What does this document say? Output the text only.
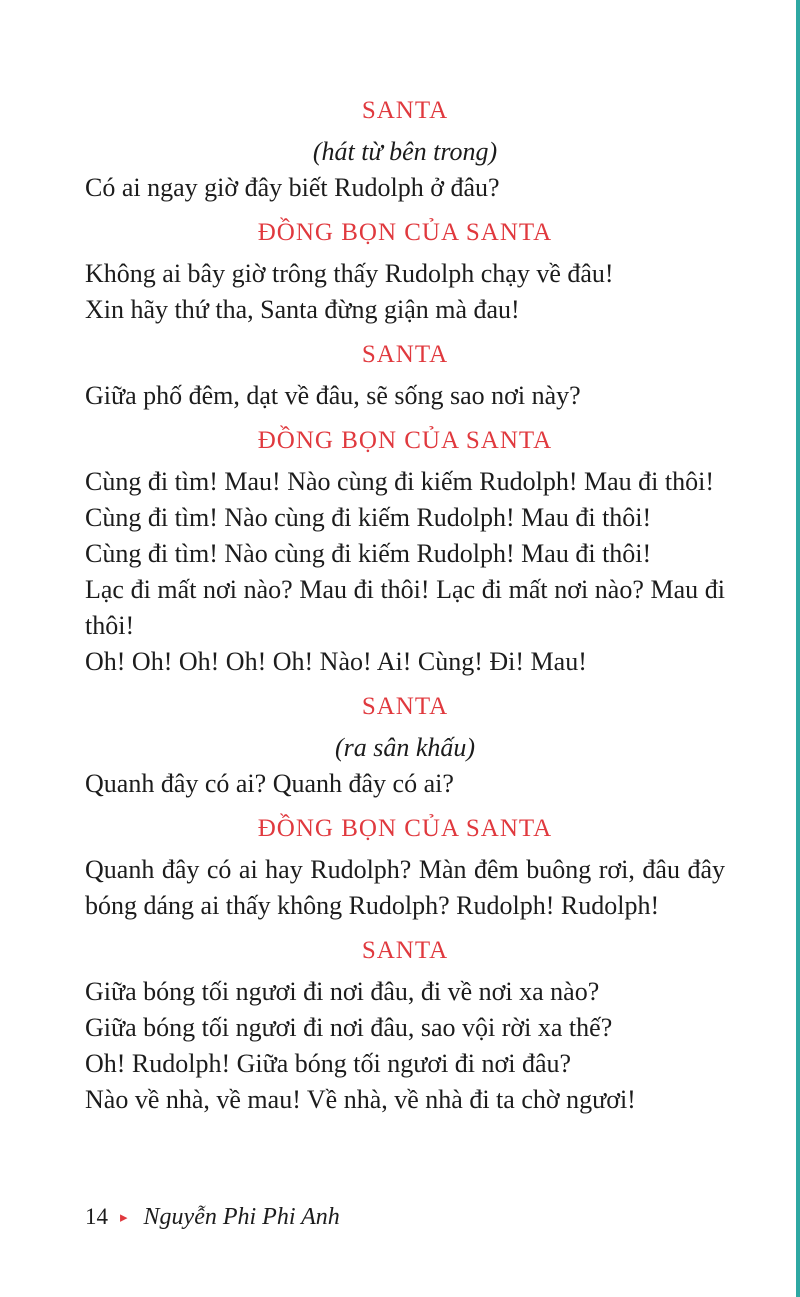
SANTA

(hát từ bên trong)

Có ai ngay giờ đây biết Rudolph ở đâu?

ĐỒNG BỌN CỦA SANTA

Không ai bây giờ trông thấy Rudolph chạy về đâu!

Xin hãy thứ tha, Santa đừng giận mà đau!

SANTA

Giữa phố đêm, dạt về đâu, sẽ sống sao nơi này?

ĐỒNG BỌN CỦA SANTA

Cùng đi tìm! Mau! Nào cùng đi kiếm Rudolph! Mau đi thôi!

Cùng đi tìm! Nào cùng đi kiếm Rudolph! Mau đi thôi!

Cùng đi tìm! Nào cùng đi kiếm Rudolph! Mau đi thôi!

Lạc đi mất nơi nào? Mau đi thôi! Lạc đi mất nơi nào? Mau đi thôi!

Oh! Oh! Oh! Oh! Oh! Nào! Ai! Cùng! Đi! Mau!

SANTA

(ra sân khấu)

Quanh đây có ai? Quanh đây có ai?

ĐỒNG BỌN CỦA SANTA

Quanh đây có ai hay Rudolph? Màn đêm buông rơi, đâu đây bóng dáng ai thấy không Rudolph? Rudolph! Rudolph!

SANTA

Giữa bóng tối ngươi đi nơi đâu, đi về nơi xa nào?

Giữa bóng tối ngươi đi nơi đâu, sao vội rời xa thế?

Oh! Rudolph! Giữa bóng tối ngươi đi nơi đâu?

Nào về nhà, về mau! Về nhà, về nhà đi ta chờ ngươi!

14 ▸ Nguyễn Phi Phi Anh
